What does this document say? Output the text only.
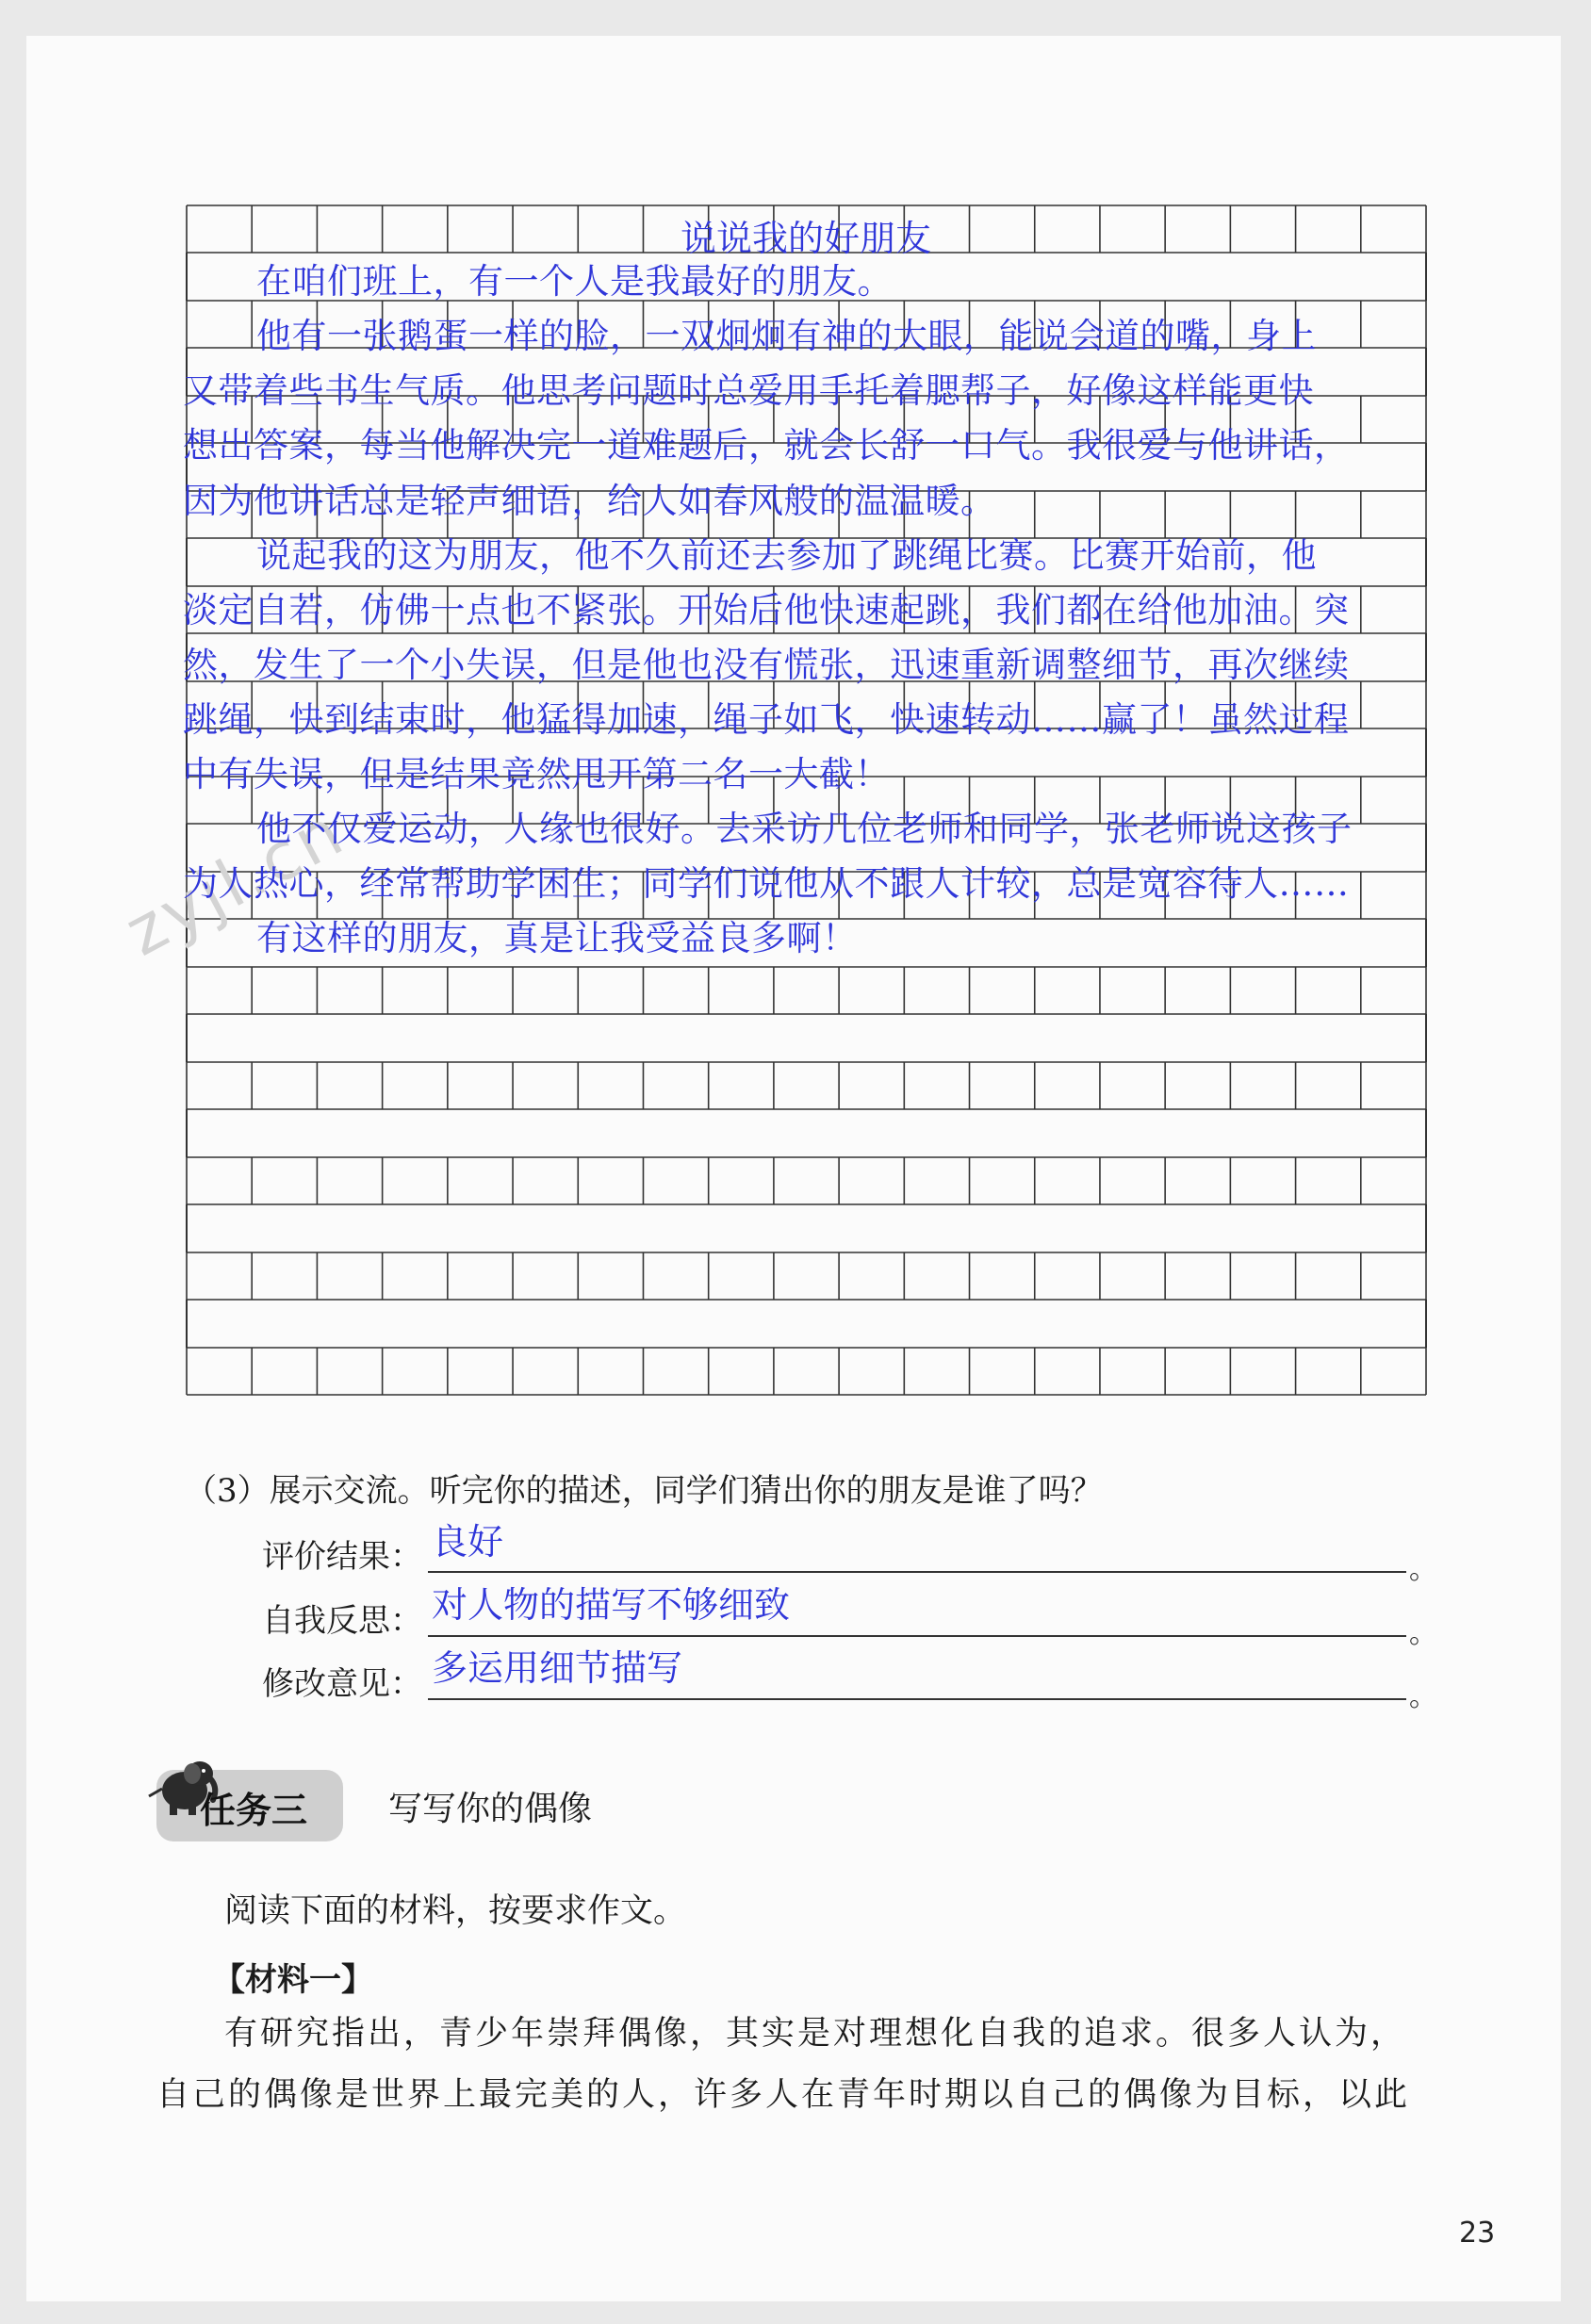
zyjl.cn
说说我的好朋友
在咱们班上，有一个人是我最好的朋友。
他有一张鹅蛋一样的脸，一双炯炯有神的大眼，能说会道的嘴，身上
又带着些书生气质。他思考问题时总爱用手托着腮帮子，好像这样能更快
想出答案，每当他解决完一道难题后，就会长舒一口气。我很爱与他讲话，
因为他讲话总是轻声细语，给人如春风般的温温暖。
说起我的这为朋友，他不久前还去参加了跳绳比赛。比赛开始前，他
淡定自若，仿佛一点也不紧张。开始后他快速起跳，我们都在给他加油。突
然，发生了一个小失误，但是他也没有慌张，迅速重新调整细节，再次继续
跳绳，快到结束时，他猛得加速，绳子如飞，快速转动……赢了！虽然过程
中有失误，但是结果竟然甩开第二名一大截！
他不仅爱运动，人缘也很好。去采访几位老师和同学，张老师说这孩子
为人热心，经常帮助学困生；同学们说他从不跟人计较，总是宽容待人……
有这样的朋友，真是让我受益良多啊！
（3）展示交流。听完你的描述，同学们猜出你的朋友是谁了吗？
评价结果： 良好
。
自我反思： 对人物的描写不够细致
。
修改意见： 多运用细节描写
。
任务三 写写你的偶像
阅读下面的材料，按要求作文。
【材料一】
有研究指出，青少年崇拜偶像，其实是对理想化自我的追求。很多人认为，
自己的偶像是世界上最完美的人，许多人在青年时期以自己的偶像为目标，以此
23
